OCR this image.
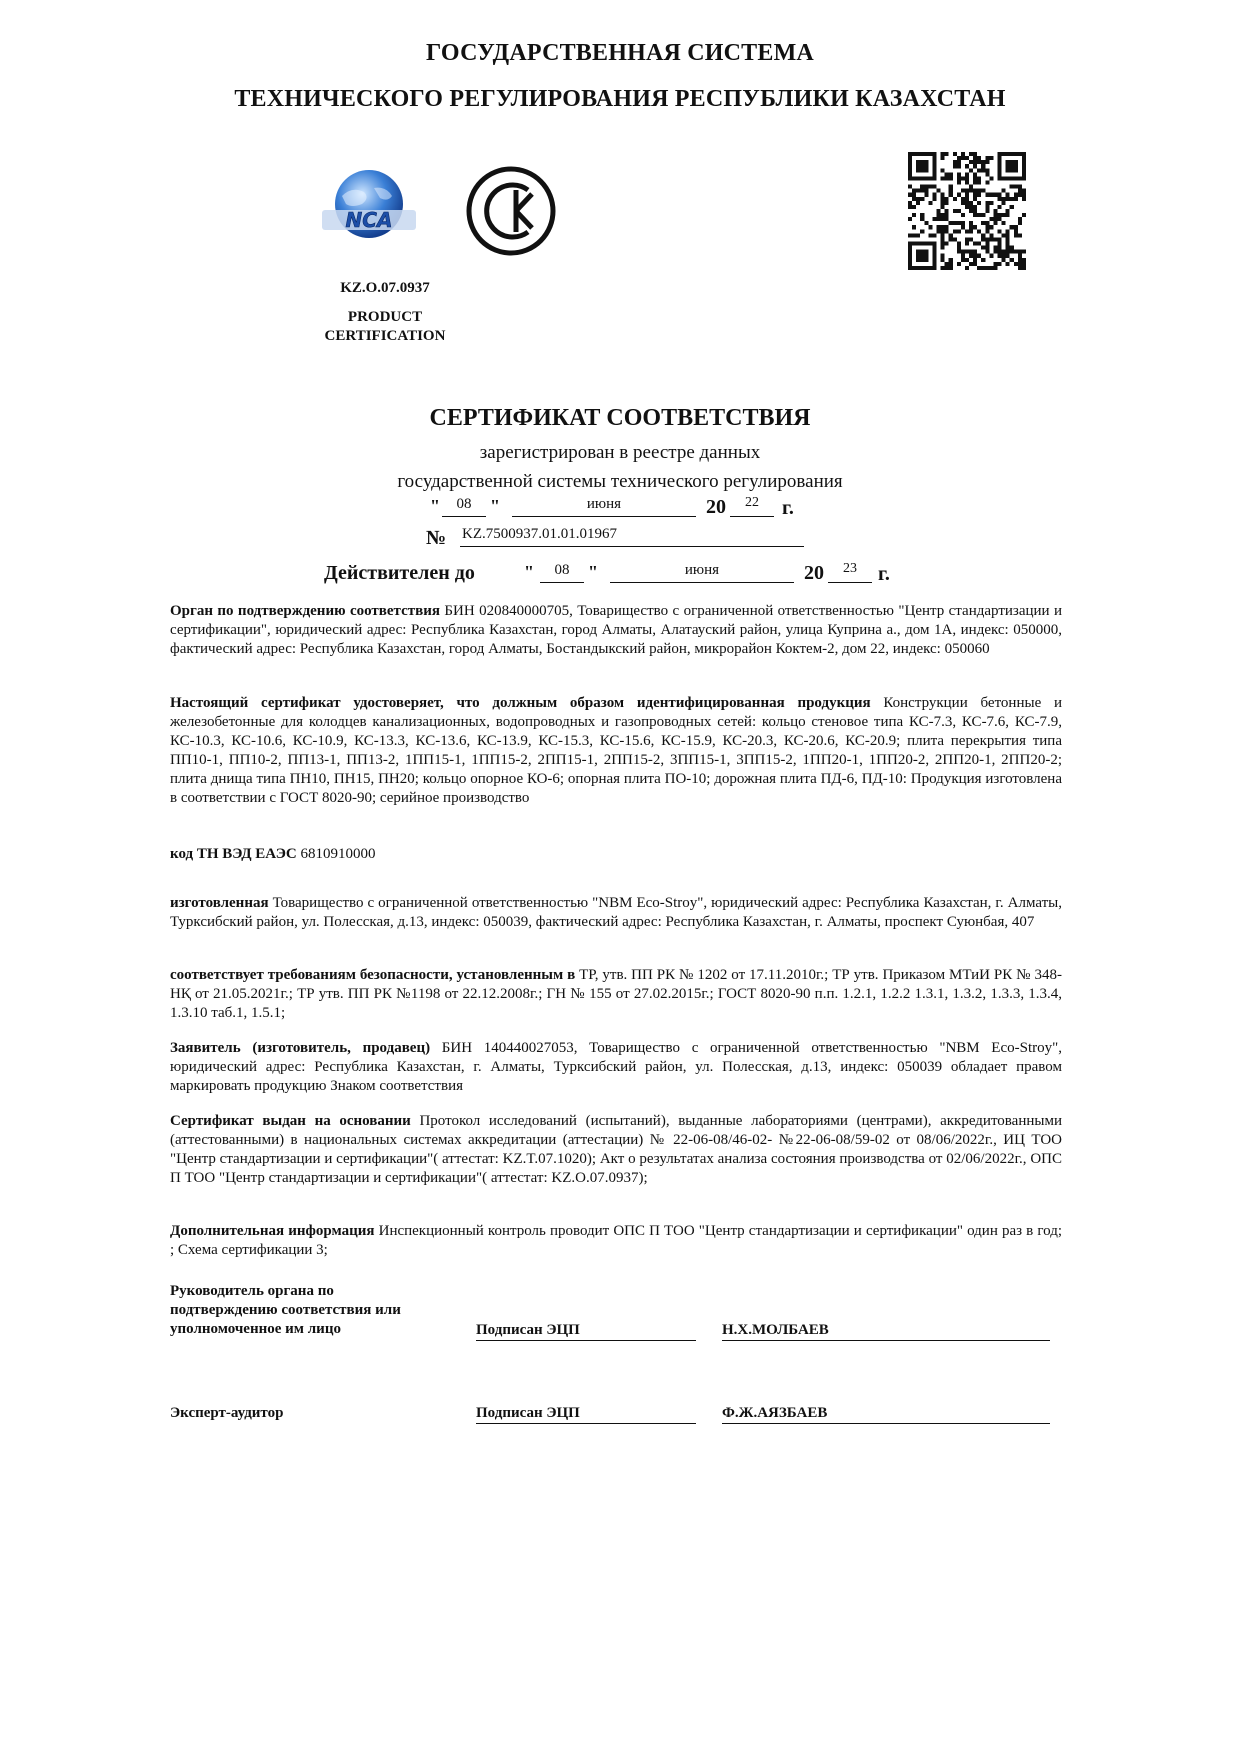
ГОСУДАРСТВЕННАЯ СИСТЕМА
ТЕХНИЧЕСКОГО РЕГУЛИРОВАНИЯ РЕСПУБЛИКИ КАЗАХСТАН
NCA
KZ.O.07.0937
PRODUCT CERTIFICATION
СЕРТИФИКАТ СООТВЕТСТВИЯ
зарегистрирован в реестре данных
государственной системы технического регулирования
"	08	"	июня	20	22	г.
№ KZ.7500937.01.01.01967
Действителен до	"	08	"	июня	20	23	г.
Орган по подтверждению соответствия БИН 020840000705, Товарищество с ограниченной ответственностью "Центр стандартизации и сертификации", юридический адрес: Республика Казахстан, город Алматы, Алатауский район, улица Куприна а., дом 1А, индекс: 050000, фактический адрес: Республика Казахстан, город Алматы, Бостандыкский район, микрорайон Коктем-2, дом 22, индекс: 050060
Настоящий сертификат удостоверяет, что должным образом идентифицированная продукция Конструкции бетонные и железобетонные для колодцев канализационных, водопроводных и газопроводных сетей: кольцо стеновое типа КС-7.3, КС-7.6, КС-7.9, КС-10.3, КС-10.6, КС-10.9, КС-13.3, КС-13.6, КС-13.9, КС-15.3, КС-15.6, КС-15.9, КС-20.3, КС-20.6, КС-20.9; плита перекрытия типа ПП10-1, ПП10-2, ПП13-1, ПП13-2, 1ПП15-1, 1ПП15-2, 2ПП15-1, 2ПП15-2, 3ПП15-1, 3ПП15-2, 1ПП20-1, 1ПП20-2, 2ПП20-1, 2ПП20-2; плита днища типа ПН10, ПН15, ПН20; кольцо опорное КО-6; опорная плита ПО-10; дорожная плита ПД-6, ПД-10: Продукция изготовлена в соответствии с ГОСТ 8020-90; серийное производство
код ТН ВЭД ЕАЭС 6810910000
изготовленная Товарищество с ограниченной ответственностью "NBM Eco-Stroy", юридический адрес: Республика Казахстан, г. Алматы, Турксибский район, ул. Полесская, д.13, индекс: 050039, фактический адрес: Республика Казахстан, г. Алматы, проспект Суюнбая, 407
соответствует требованиям безопасности, установленным в ТР, утв. ПП РК № 1202 от 17.11.2010г.; ТР утв. Приказом МТиИ РК № 348-НҚ от 21.05.2021г.; ТР утв. ПП РК №1198 от 22.12.2008г.; ГН № 155 от 27.02.2015г.; ГОСТ 8020-90 п.п. 1.2.1, 1.2.2 1.3.1, 1.3.2, 1.3.3, 1.3.4, 1.3.10 таб.1, 1.5.1;
Заявитель (изготовитель, продавец) БИН 140440027053, Товарищество с ограниченной ответственностью "NBM Eco-Stroy", юридический адрес: Республика Казахстан, г. Алматы, Турксибский район, ул. Полесская, д.13, индекс: 050039 обладает правом маркировать продукцию Знаком соответствия
Сертификат выдан на основании Протокол исследований (испытаний), выданные лабораториями (центрами), аккредитованными (аттестованными) в национальных системах аккредитации (аттестации) № 22-06-08/46-02- №22-06-08/59-02 от 08/06/2022г., ИЦ ТОО "Центр стандартизации и сертификации"( аттестат: KZ.T.07.1020); Акт о результатах анализа состояния производства от 02/06/2022г., ОПС П ТОО "Центр стандартизации и сертификации"( аттестат: KZ.O.07.0937);
Дополнительная информация Инспекционный контроль проводит ОПС П ТОО "Центр стандартизации и сертификации" один раз в год; ; Схема сертификации 3;
Руководитель органа по подтверждению соответствия или уполномоченное им лицо	Подписан ЭЦП	Н.Х.МОЛБАЕВ
Эксперт-аудитор	Подписан ЭЦП	Ф.Ж.АЯЗБАЕВ
